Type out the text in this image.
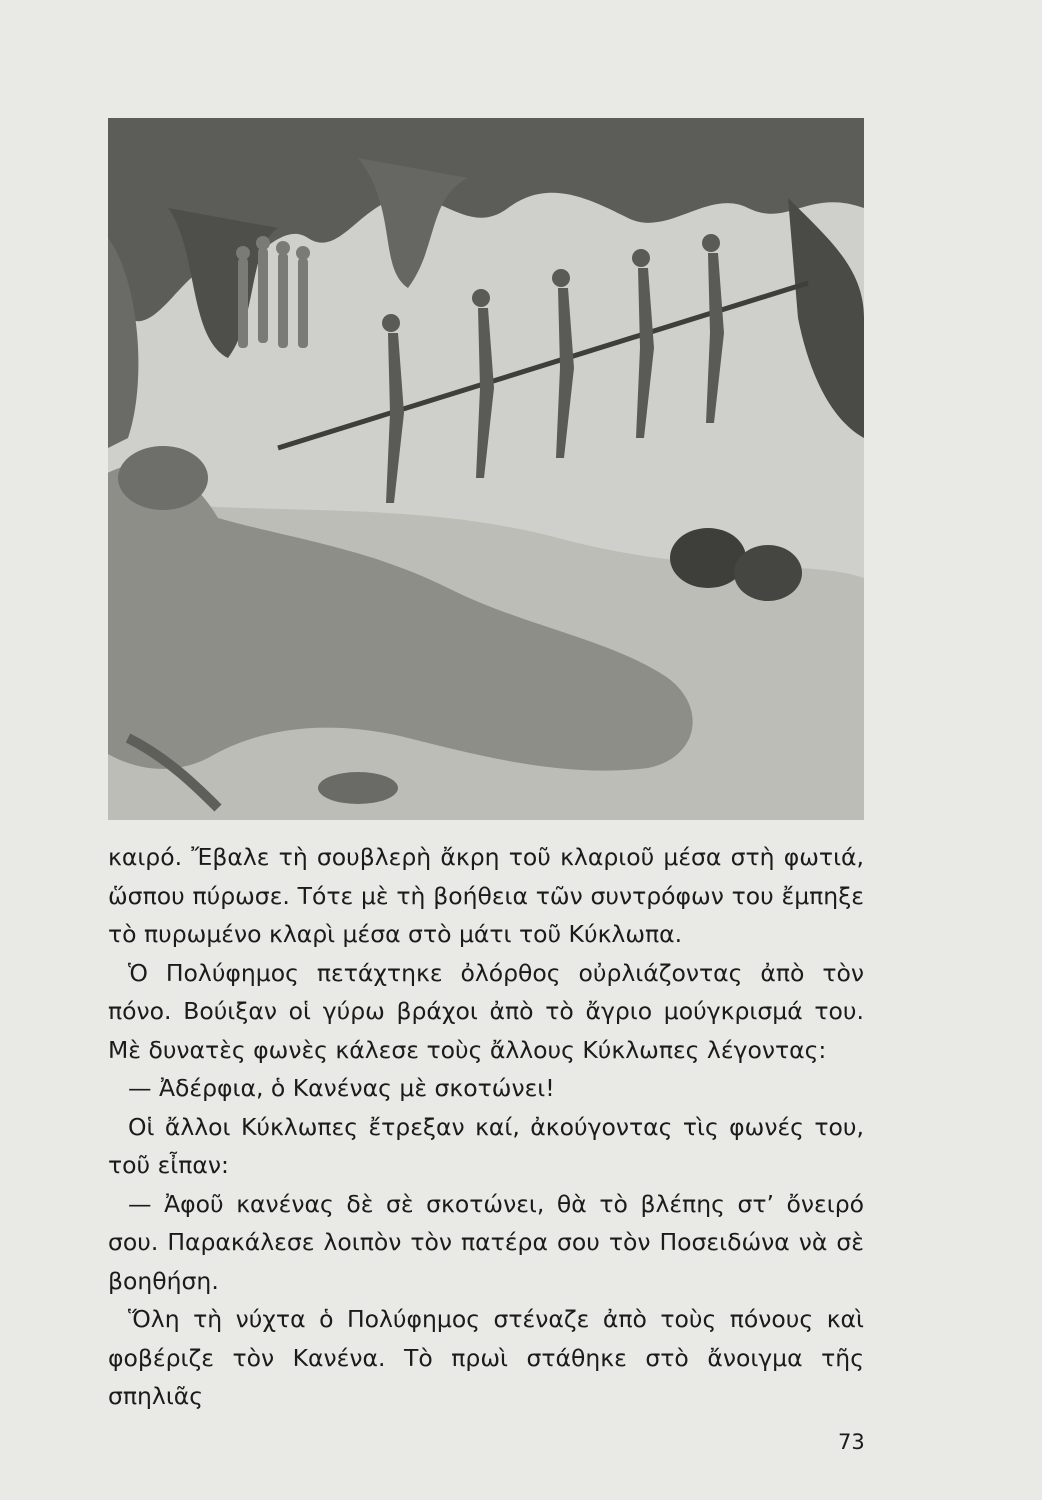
καιρό. Ἔβαλε τὴ σουβλερὴ ἄκρη τοῦ κλαριοῦ μέσα στὴ φωτιά, ὥσπου πύρωσε. Τότε μὲ τὴ βοήθεια τῶν συντρόφων του ἔμπηξε τὸ πυρωμένο κλαρὶ μέσα στὸ μάτι τοῦ Κύκλωπα.

Ὁ Πολύφημος πετάχτηκε ὀλόρθος οὐρλιάζοντας ἀπὸ τὸν πόνο. Βούιξαν οἱ γύρω βράχοι ἀπὸ τὸ ἄγριο μούγκρισμά του. Μὲ δυνατὲς φωνὲς κάλεσε τοὺς ἄλλους Κύκλωπες λέγοντας:

— Ἀδέρφια, ὁ Κανένας μὲ σκοτώνει!

Οἱ ἄλλοι Κύκλωπες ἔτρεξαν καί, ἀκούγοντας τὶς φωνές του, τοῦ εἶπαν:

— Ἀφοῦ κανένας δὲ σὲ σκοτώνει, θὰ τὸ βλέπης στ’ ὄνειρό σου. Παρακάλεσε λοιπὸν τὸν πατέρα σου τὸν Ποσειδώνα νὰ σὲ βοηθήση.

Ὅλη τὴ νύχτα ὁ Πολύφημος στέναζε ἀπὸ τοὺς πόνους καὶ φοβέριζε τὸν Κανένα. Τὸ πρωὶ στάθηκε στὸ ἄνοιγμα τῆς σπηλιᾶς

73
